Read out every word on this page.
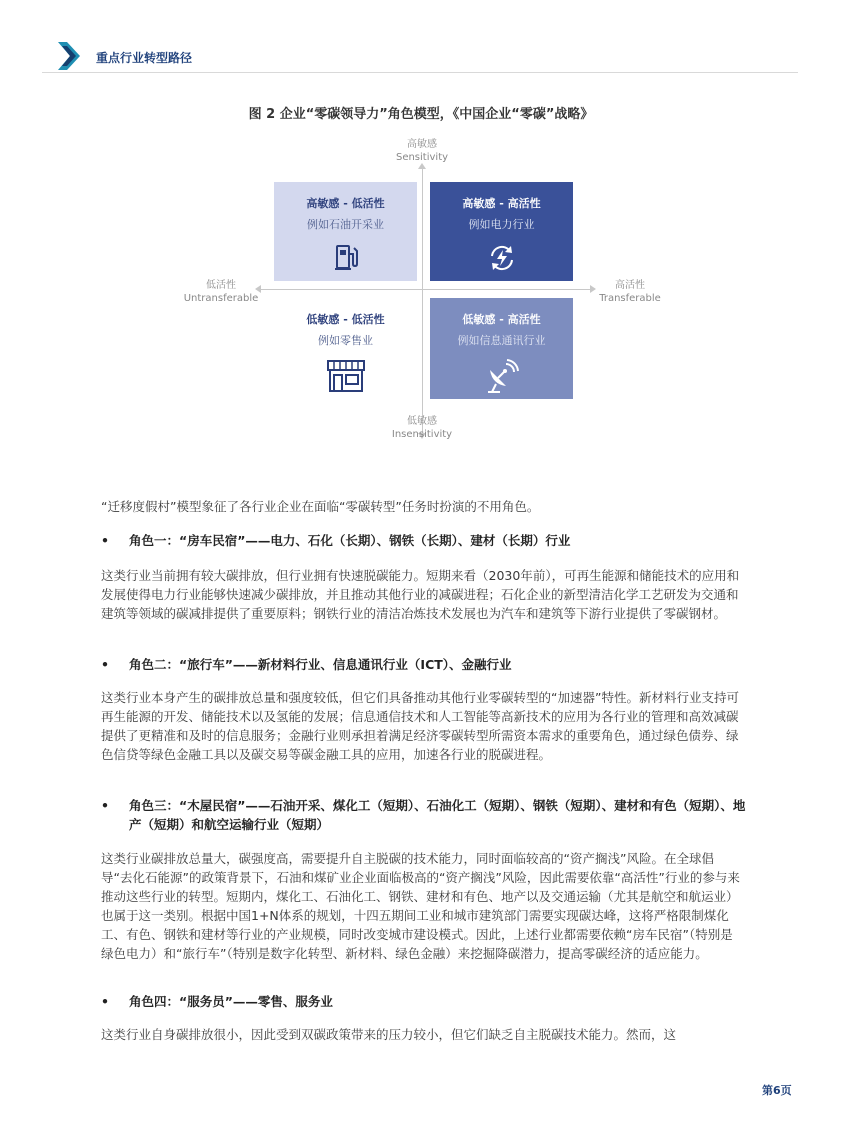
重点行业转型路径
图 2 企业“零碳领导力”角色模型，《中国企业“零碳”战略》
高敏感
Sensitivity
低敏感
Insensitivity
低活性
Untransferable
高活性
Transferable
高敏感 - 低活性
例如石油开采业
高敏感 - 高活性
例如电力行业
低敏感 - 低活性
例如零售业
低敏感 - 高活性
例如信息通讯行业
“迁移度假村”模型象征了各行业企业在面临“零碳转型”任务时扮演的不用角色。
•	角色一：“房车民宿”——电力、石化（长期）、钢铁（长期）、建材（长期）行业
这类行业当前拥有较大碳排放，但行业拥有快速脱碳能力。短期来看（2030年前），可再生能源和储能技术的应用和发展使得电力行业能够快速减少碳排放，并且推动其他行业的减碳进程；石化企业的新型清洁化学工艺研发为交通和建筑等领域的碳减排提供了重要原料；钢铁行业的清洁冶炼技术发展也为汽车和建筑等下游行业提供了零碳钢材。
•	角色二：“旅行车”——新材料行业、信息通讯行业（ICT）、金融行业
这类行业本身产生的碳排放总量和强度较低，但它们具备推动其他行业零碳转型的“加速器”特性。新材料行业支持可再生能源的开发、储能技术以及氢能的发展；信息通信技术和人工智能等高新技术的应用为各行业的管理和高效减碳提供了更精准和及时的信息服务；金融行业则承担着满足经济零碳转型所需资本需求的重要角色，通过绿色债券、绿色信贷等绿色金融工具以及碳交易等碳金融工具的应用，加速各行业的脱碳进程。
•	角色三：“木屋民宿”——石油开采、煤化工（短期）、石油化工（短期）、钢铁（短期）、建材和有色（短期）、地产（短期）和航空运输行业（短期）
这类行业碳排放总量大，碳强度高，需要提升自主脱碳的技术能力，同时面临较高的“资产搁浅”风险。在全球倡导“去化石能源”的政策背景下，石油和煤矿业企业面临极高的“资产搁浅”风险，因此需要依靠“高活性”行业的参与来推动这些行业的转型。短期内，煤化工、石油化工、钢铁、建材和有色、地产以及交通运输（尤其是航空和航运业）也属于这一类别。根据中国1+N体系的规划，十四五期间工业和城市建筑部门需要实现碳达峰，这将严格限制煤化工、有色、钢铁和建材等行业的产业规模，同时改变城市建设模式。因此，上述行业都需要依赖“房车民宿”（特别是绿色电力）和“旅行车”（特别是数字化转型、新材料、绿色金融）来挖掘降碳潜力，提高零碳经济的适应能力。
•	角色四：“服务员”——零售、服务业
这类行业自身碳排放很小，因此受到双碳政策带来的压力较小，但它们缺乏自主脱碳技术能力。然而，这
第6页
